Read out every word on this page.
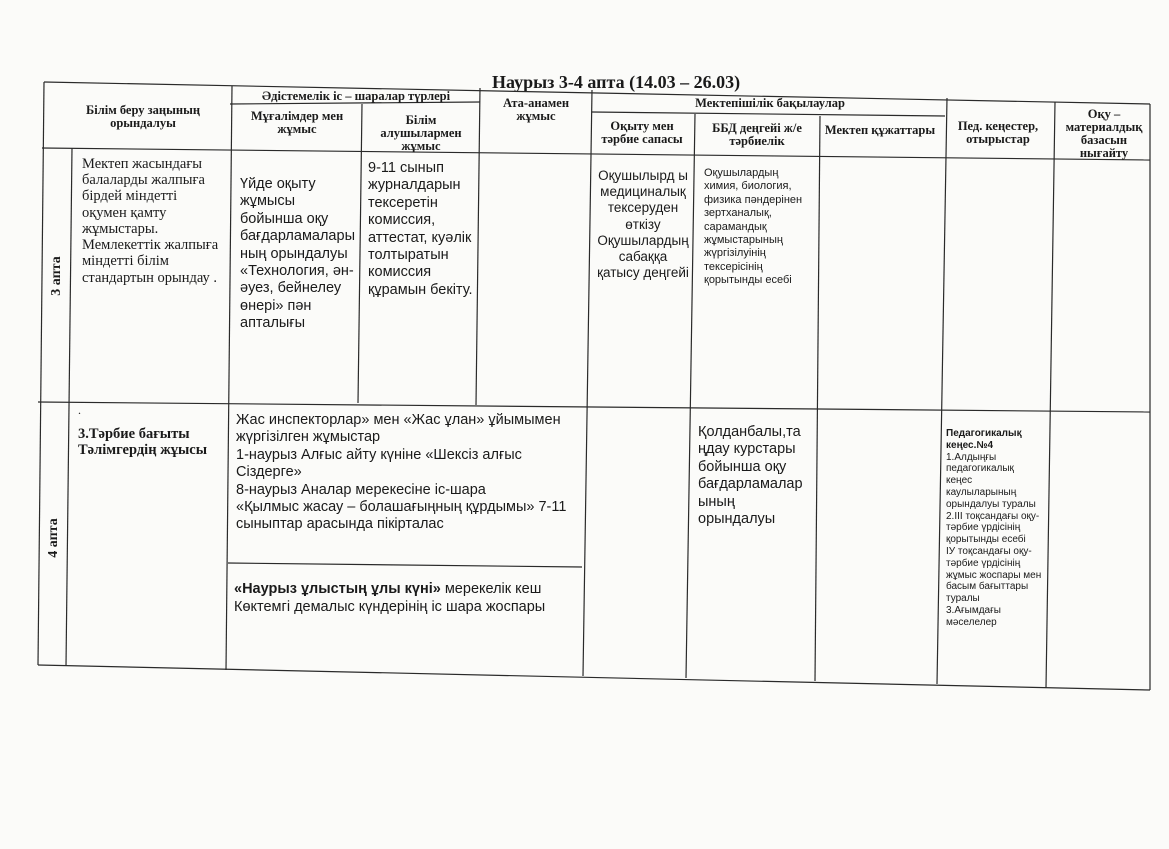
Наурыз 3-4 апта (14.03 – 26.03)
Білім беру заңының орындалуы
Әдістемелік іс – шаралар түрлері
Мұғалімдер мен жұмыс
Білім алушылармен жұмыс
Ата-анамен жұмыс
Мектепішілік бақылаулар
Оқыту мен тәрбие сапасы
ББД деңгейі ж/е тәрбиелік
Мектеп құжаттары	Пед. кеңестер, отырыстар
Оқу – материалдық базасын нығайту
3 апта
Мектеп жасындағы балаларды жалпыға бірдей міндетті оқумен қамту жұмыстары. Мемлекеттік жалпыға міндетті білім стандартын орындау .
Үйде оқыту жұмысы бойынша оқу бағдарламалары ның орындалуы «Технология, ән-әуез, бейнелеу өнері» пән апталығы
9-11 сынып журналдарын тексеретін комиссия, аттестат, куәлік толтыратын комиссия құрамын бекіту.
Оқушылырд ы медициналық тексеруден өткізу Оқушылардың сабаққа қатысу деңгейі
Оқушылардың химия, биология, физика пәндерінен зертханалық, сарамандық жұмыстарының жүргізілуінің тексерісінің қорытынды есебі
4 апта
.
3.Тәрбие бағыты Тәлімгердің жұысы
Жас инспекторлар» мен «Жас ұлан» ұйымымен жүргізілген жұмыстар
1-наурыз Алғыс айту күніне «Шексіз алғыс Сіздерге»
8-наурыз Аналар мерекесіне іс-шара
«Қылмыс жасау – болашағыңның құрдымы» 7-11 сыныптар арасында пікірталас
«Наурыз ұлыстың ұлы күні» мерекелік кеш
Көктемгі демалыс күндерінің іс шара жоспары
Қолданбалы,та ңдау курстары бойынша оқу бағдарламалар ының орындалуы
Педагогикалық кеңес.№4
1.Алдыңғы педагогикалық кеңес каулыларының орындалуы туралы
2.ІІІ тоқсандағы оқу-тәрбие үрдісінің қорытынды есебі
ІУ тоқсандағы оқу-тәрбие үрдісінің жұмыс жоспары мен басым бағыттары туралы
3.Ағымдағы мәселелер
